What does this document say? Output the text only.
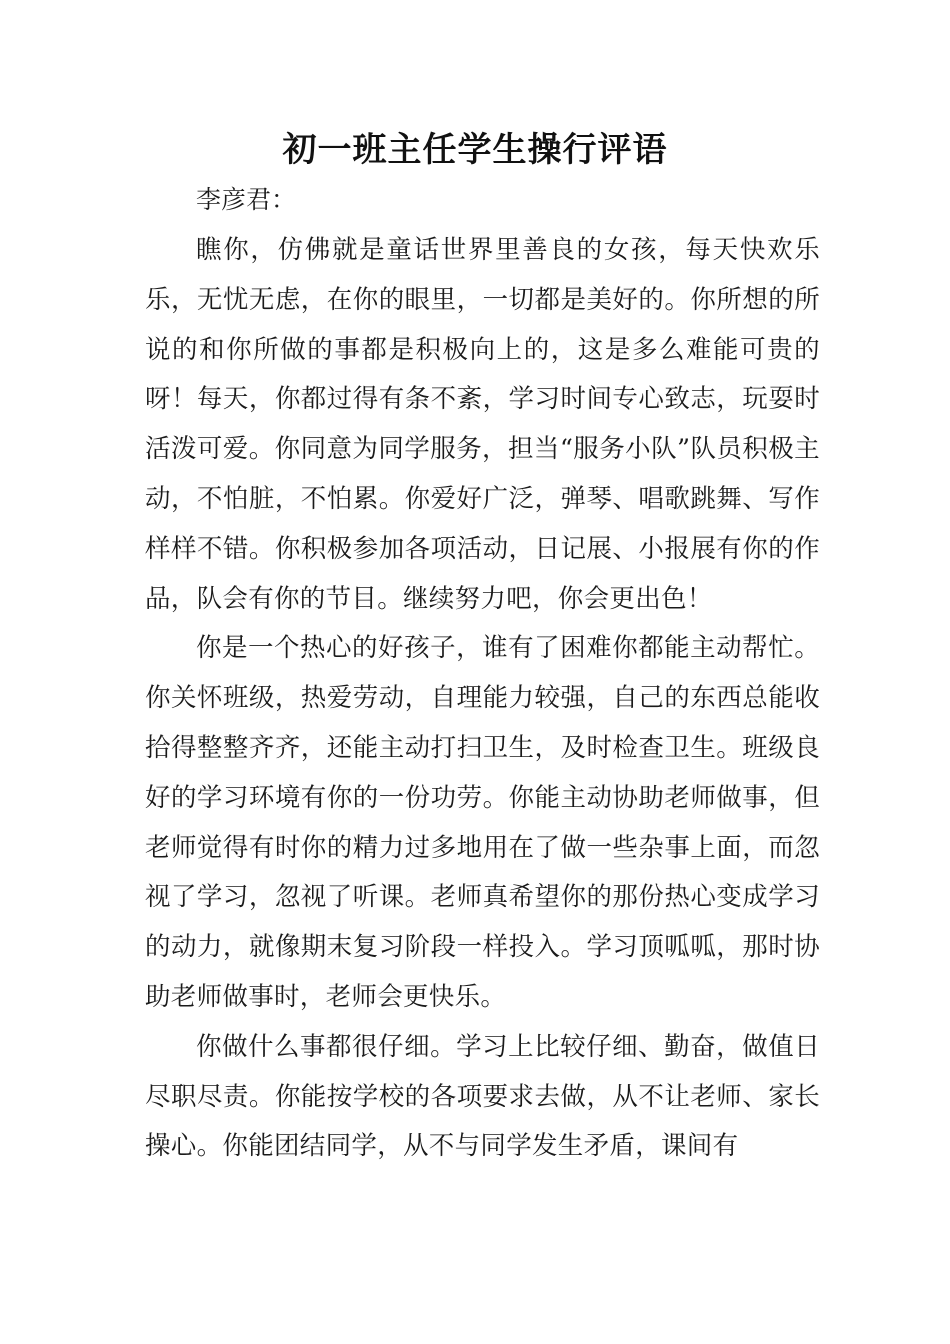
初一班主任学生操行评语
李彦君：

瞧你，仿佛就是童话世界里善良的女孩，每天快欢乐乐，无忧无虑，在你的眼里，一切都是美好的。你所想的所说的和你所做的事都是积极向上的，这是多么难能可贵的呀！每天，你都过得有条不紊，学习时间专心致志，玩耍时活泼可爱。你同意为同学服务，担当“服务小队”队员积极主动，不怕脏，不怕累。你爱好广泛，弹琴、唱歌跳舞、写作样样不错。你积极参加各项活动，日记展、小报展有你的作品，队会有你的节目。继续努力吧，你会更出色！

你是一个热心的好孩子，谁有了困难你都能主动帮忙。你关怀班级，热爱劳动，自理能力较强，自己的东西总能收拾得整整齐齐，还能主动打扫卫生，及时检查卫生。班级良好的学习环境有你的一份功劳。你能主动协助老师做事，但老师觉得有时你的精力过多地用在了做一些杂事上面，而忽视了学习，忽视了听课。老师真希望你的那份热心变成学习的动力，就像期末复习阶段一样投入。学习顶呱呱，那时协助老师做事时，老师会更快乐。

你做什么事都很仔细。学习上比较仔细、勤奋，做值日尽职尽责。你能按学校的各项要求去做，从不让老师、家长操心。你能团结同学，从不与同学发生矛盾，课间有
